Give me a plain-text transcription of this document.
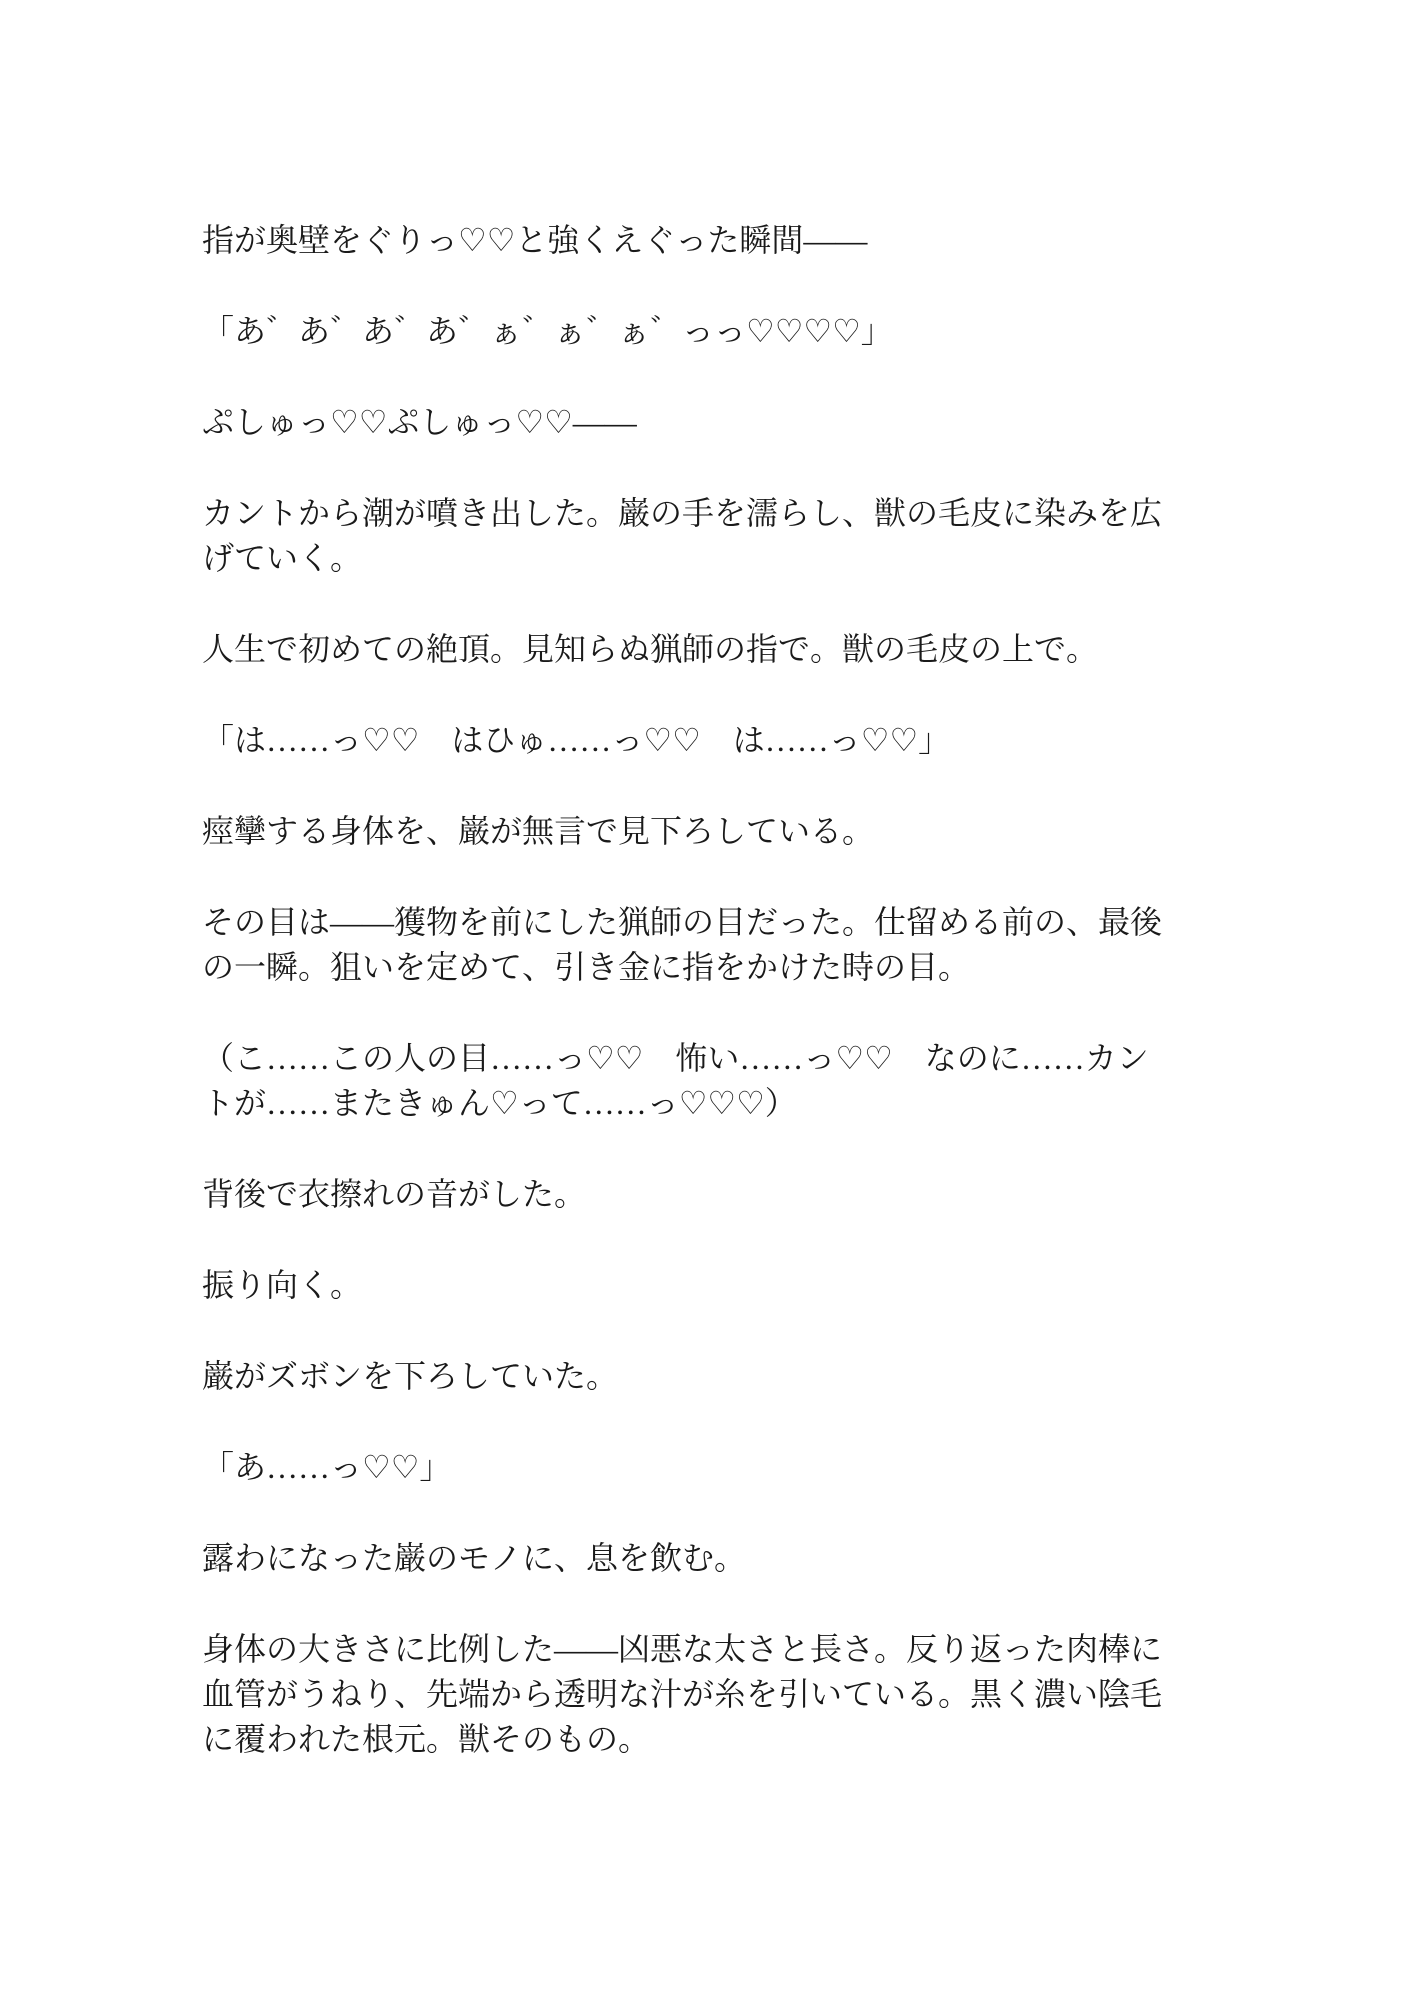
指が奥壁をぐりっ♡♡と強くえぐった瞬間――

「あ゛あ゛あ゛あ゛ぁ゛ぁ゛ぁ゛っっ♡♡♡♡」

ぷしゅっ♡♡ぷしゅっ♡♡――

カントから潮が噴き出した。巌の手を濡らし、獣の毛皮に染みを広
げていく。

人生で初めての絶頂。見知らぬ猟師の指で。獣の毛皮の上で。

「は……っ♡♡　はひゅ……っ♡♡　は……っ♡♡」

痙攣する身体を、巌が無言で見下ろしている。

その目は――獲物を前にした猟師の目だった。仕留める前の、最後
の一瞬。狙いを定めて、引き金に指をかけた時の目。

（こ……この人の目……っ♡♡　怖い……っ♡♡　なのに……カン
トが……またきゅん♡って……っ♡♡♡）

背後で衣擦れの音がした。

振り向く。

巌がズボンを下ろしていた。

「あ……っ♡♡」

露わになった巌のモノに、息を飲む。

身体の大きさに比例した――凶悪な太さと長さ。反り返った肉棒に
血管がうねり、先端から透明な汁が糸を引いている。黒く濃い陰毛
に覆われた根元。獣そのもの。
